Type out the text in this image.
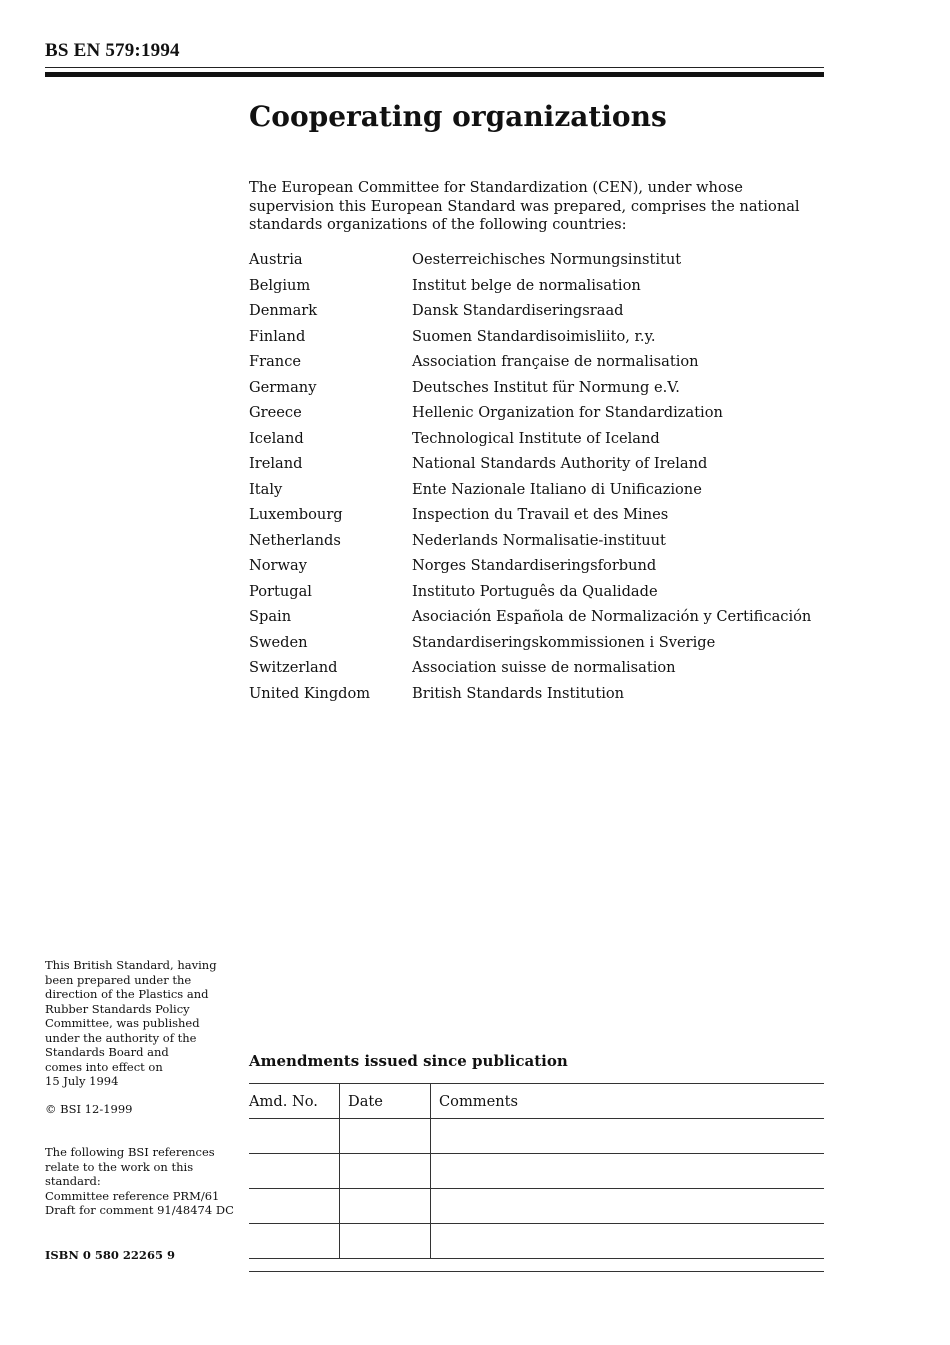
BS EN 579:1994
Cooperating organizations

The European Committee for Standardization (CEN), under whose supervision this European Standard was prepared, comprises the national standards organizations of the following countries:

Austria	Oesterreichisches Normungsinstitut
Belgium	Institut belge de normalisation
Denmark	Dansk Standardiseringsraad
Finland	Suomen Standardisoimisliito, r.y.
France	Association française de normalisation
Germany	Deutsches Institut für Normung e.V.
Greece	Hellenic Organization for Standardization
Iceland	Technological Institute of Iceland
Ireland	National Standards Authority of Ireland
Italy	Ente Nazionale Italiano di Unificazione
Luxembourg	Inspection du Travail et des Mines
Netherlands	Nederlands Normalisatie-instituut
Norway	Norges Standardiseringsforbund
Portugal	Instituto Português da Qualidade
Spain	Asociación Española de Normalización y Certificación
Sweden	Standardiseringskommissionen i Sverige
Switzerland	Association suisse de normalisation
United Kingdom	British Standards Institution
This British Standard, having
been prepared under the
direction of the Plastics and
Rubber Standards Policy
Committee, was published
under the authority of the
Standards Board and
comes into effect on
15 July 1994
© BSI 12-1999
The following BSI references
relate to the work on this
standard:
Committee reference PRM/61
Draft for comment 91/48474 DC
ISBN 0 580 22265 9
Amendments issued since publication
Amd. No.	Date	Comments
